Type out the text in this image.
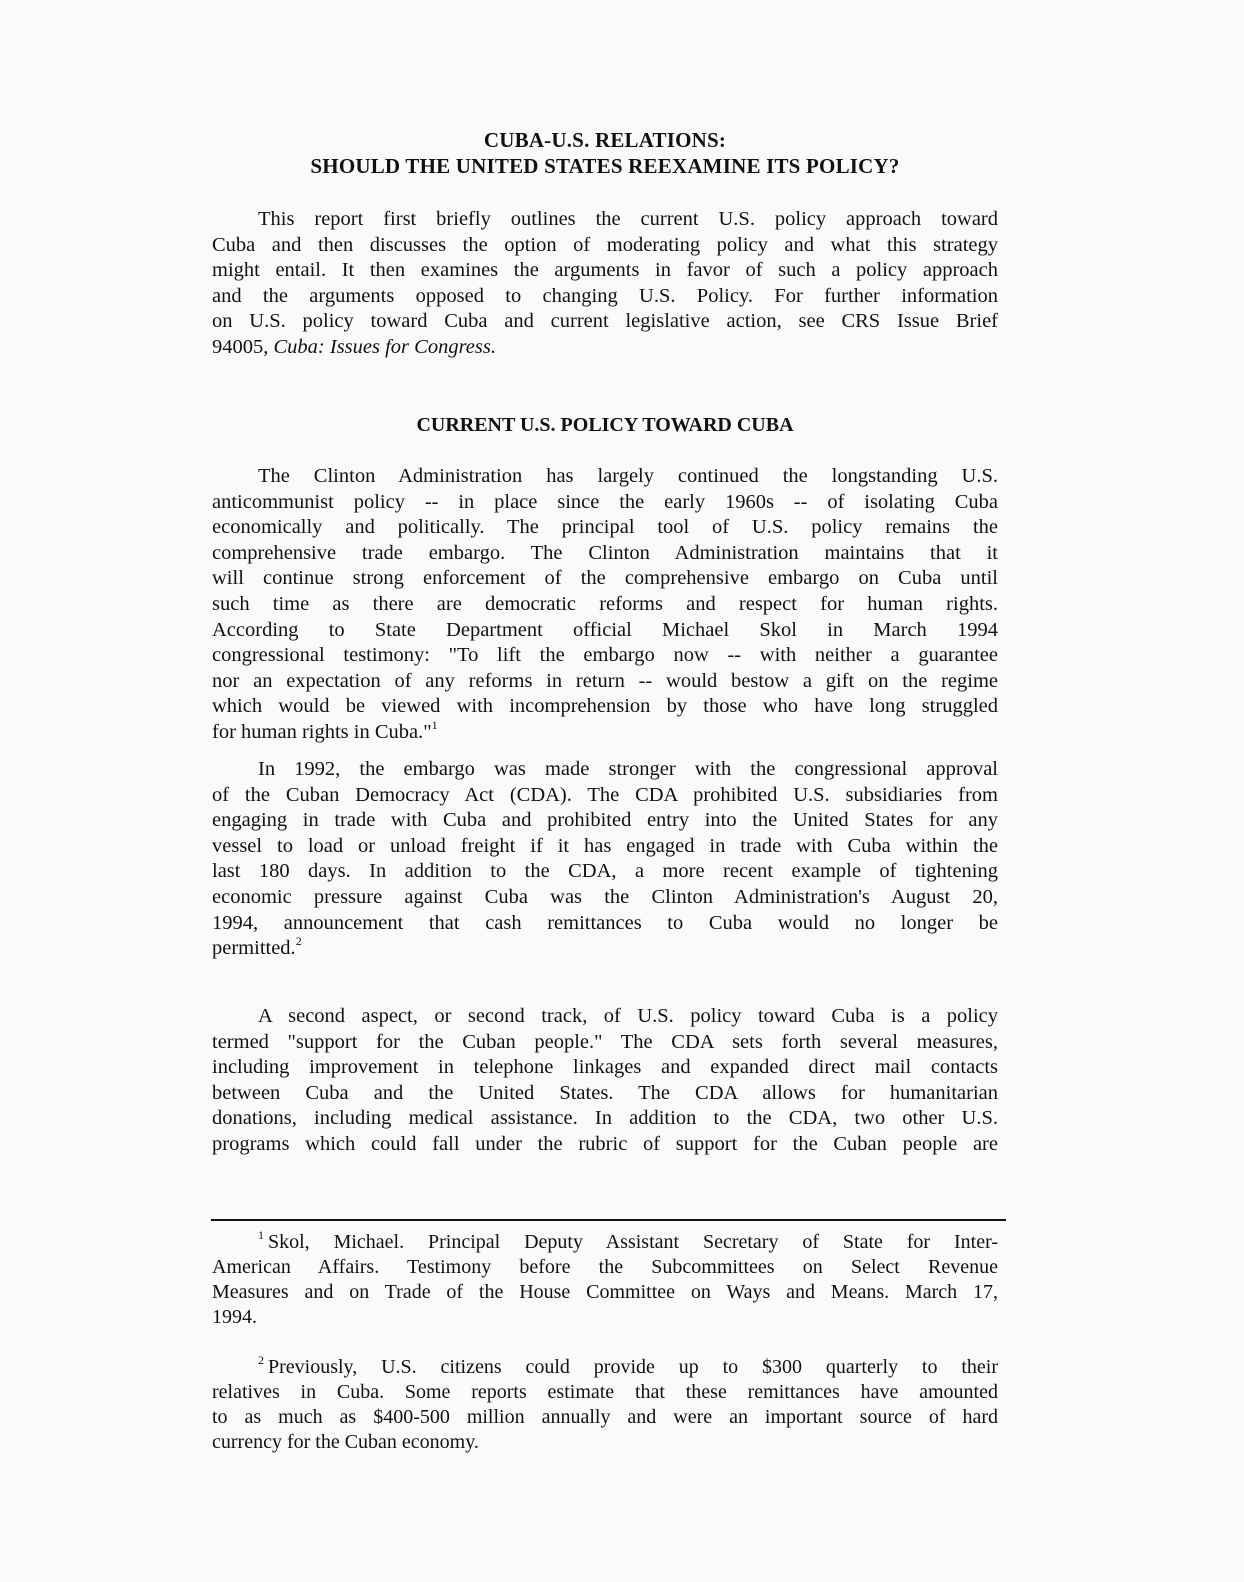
CUBA-U.S. RELATIONS:
SHOULD THE UNITED STATES REEXAMINE ITS POLICY?
This report first briefly outlines the current U.S. policy approach toward
Cuba and then discusses the option of moderating policy and what this strategy
might entail. It then examines the arguments in favor of such a policy approach
and the arguments opposed to changing U.S. Policy. For further information
on U.S. policy toward Cuba and current legislative action, see CRS Issue Brief
94005, Cuba: Issues for Congress.
CURRENT U.S. POLICY TOWARD CUBA
The Clinton Administration has largely continued the longstanding U.S.
anticommunist policy -- in place since the early 1960s -- of isolating Cuba
economically and politically. The principal tool of U.S. policy remains the
comprehensive trade embargo. The Clinton Administration maintains that it
will continue strong enforcement of the comprehensive embargo on Cuba until
such time as there are democratic reforms and respect for human rights.
According to State Department official Michael Skol in March 1994
congressional testimony: "To lift the embargo now -- with neither a guarantee
nor an expectation of any reforms in return -- would bestow a gift on the regime
which would be viewed with incomprehension by those who have long struggled
for human rights in Cuba."$^1$
In 1992, the embargo was made stronger with the congressional approval
of the Cuban Democracy Act (CDA). The CDA prohibited U.S. subsidiaries from
engaging in trade with Cuba and prohibited entry into the United States for any
vessel to load or unload freight if it has engaged in trade with Cuba within the
last 180 days. In addition to the CDA, a more recent example of tightening
economic pressure against Cuba was the Clinton Administration's August 20,
1994, announcement that cash remittances to Cuba would no longer be
permitted.$^2$
A second aspect, or second track, of U.S. policy toward Cuba is a policy
termed "support for the Cuban people." The CDA sets forth several measures,
including improvement in telephone linkages and expanded direct mail contacts
between Cuba and the United States. The CDA allows for humanitarian
donations, including medical assistance. In addition to the CDA, two other U.S.
programs which could fall under the rubric of support for the Cuban people are
$^1$ Skol, Michael. Principal Deputy Assistant Secretary of State for Inter-
American Affairs. Testimony before the Subcommittees on Select Revenue
Measures and on Trade of the House Committee on Ways and Means. March 17,
1994.
$^2$ Previously, U.S. citizens could provide up to $300 quarterly to their
relatives in Cuba. Some reports estimate that these remittances have amounted
to as much as $400-500 million annually and were an important source of hard
currency for the Cuban economy.
